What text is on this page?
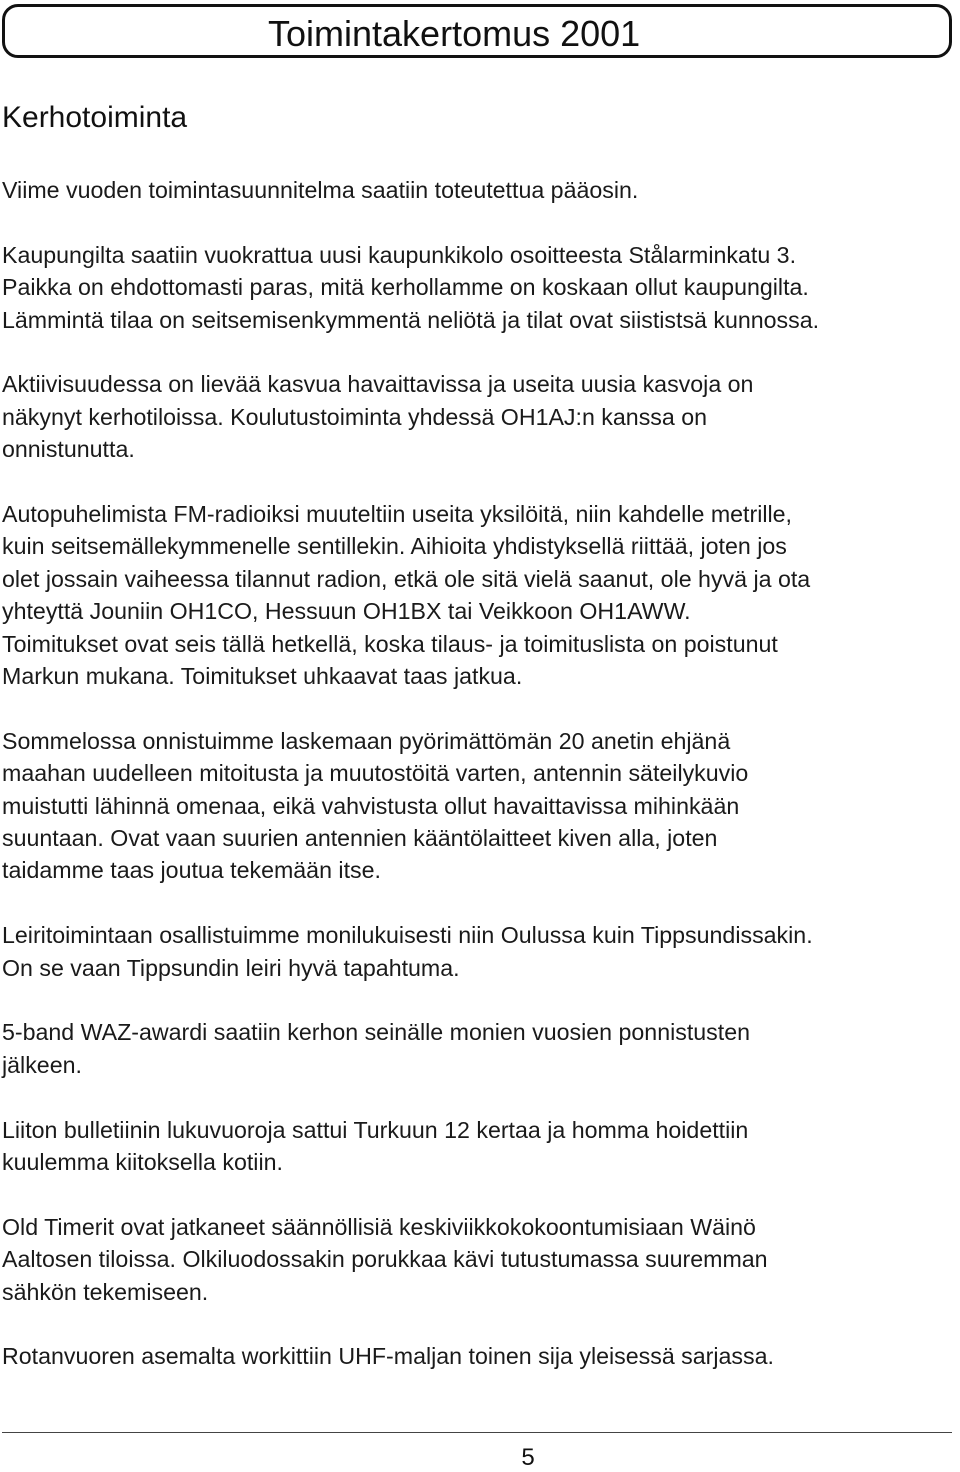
Toimintakertomus 2001
Kerhotoiminta

Viime vuoden toimintasuunnitelma saatiin toteutettua pääosin.

Kaupungilta saatiin vuokrattua uusi kaupunkikolo osoitteesta Stålarminkatu 3.
Paikka on ehdottomasti paras, mitä kerhollamme on koskaan ollut kaupungilta.
Lämmintä tilaa on seitsemisenkymmentä neliötä ja tilat ovat siististsä kunnossa.

Aktiivisuudessa on lievää kasvua havaittavissa ja useita uusia kasvoja on
näkynyt kerhotiloissa. Koulutustoiminta yhdessä OH1AJ:n kanssa on
onnistunutta.

Autopuhelimista FM-radioiksi muuteltiin useita yksilöitä, niin kahdelle metrille,
kuin seitsemällekymmenelle sentillekin. Aihioita yhdistyksellä riittää, joten jos
olet jossain vaiheessa tilannut radion, etkä ole sitä vielä saanut, ole hyvä ja ota
yhteyttä Jouniin OH1CO, Hessuun OH1BX tai Veikkoon OH1AWW.
Toimitukset ovat seis tällä hetkellä, koska tilaus- ja toimituslista on poistunut
Markun mukana. Toimitukset uhkaavat taas jatkua.

Sommelossa onnistuimme laskemaan pyörimättömän 20 anetin ehjänä
maahan uudelleen mitoitusta ja muutostöitä varten, antennin säteilykuvio
muistutti lähinnä omenaa, eikä vahvistusta ollut havaittavissa mihinkään
suuntaan. Ovat vaan suurien antennien kääntölaitteet kiven alla, joten
taidamme taas joutua tekemään itse.

Leiritoimintaan osallistuimme monilukuisesti niin Oulussa kuin Tippsundissakin.
On se vaan Tippsundin leiri hyvä tapahtuma.

5-band WAZ-awardi saatiin kerhon seinälle monien vuosien ponnistusten
jälkeen.

Liiton bulletiinin lukuvuoroja sattui Turkuun 12 kertaa ja homma hoidettiin
kuulemma kiitoksella kotiin.

Old Timerit ovat jatkaneet säännöllisiä keskiviikkokokoontumisiaan Wäinö
Aaltosen tiloissa. Olkiluodossakin porukkaa kävi tutustumassa suuremman
sähkön tekemiseen.

Rotanvuoren asemalta workittiin UHF-maljan toinen sija yleisessä sarjassa.

5
